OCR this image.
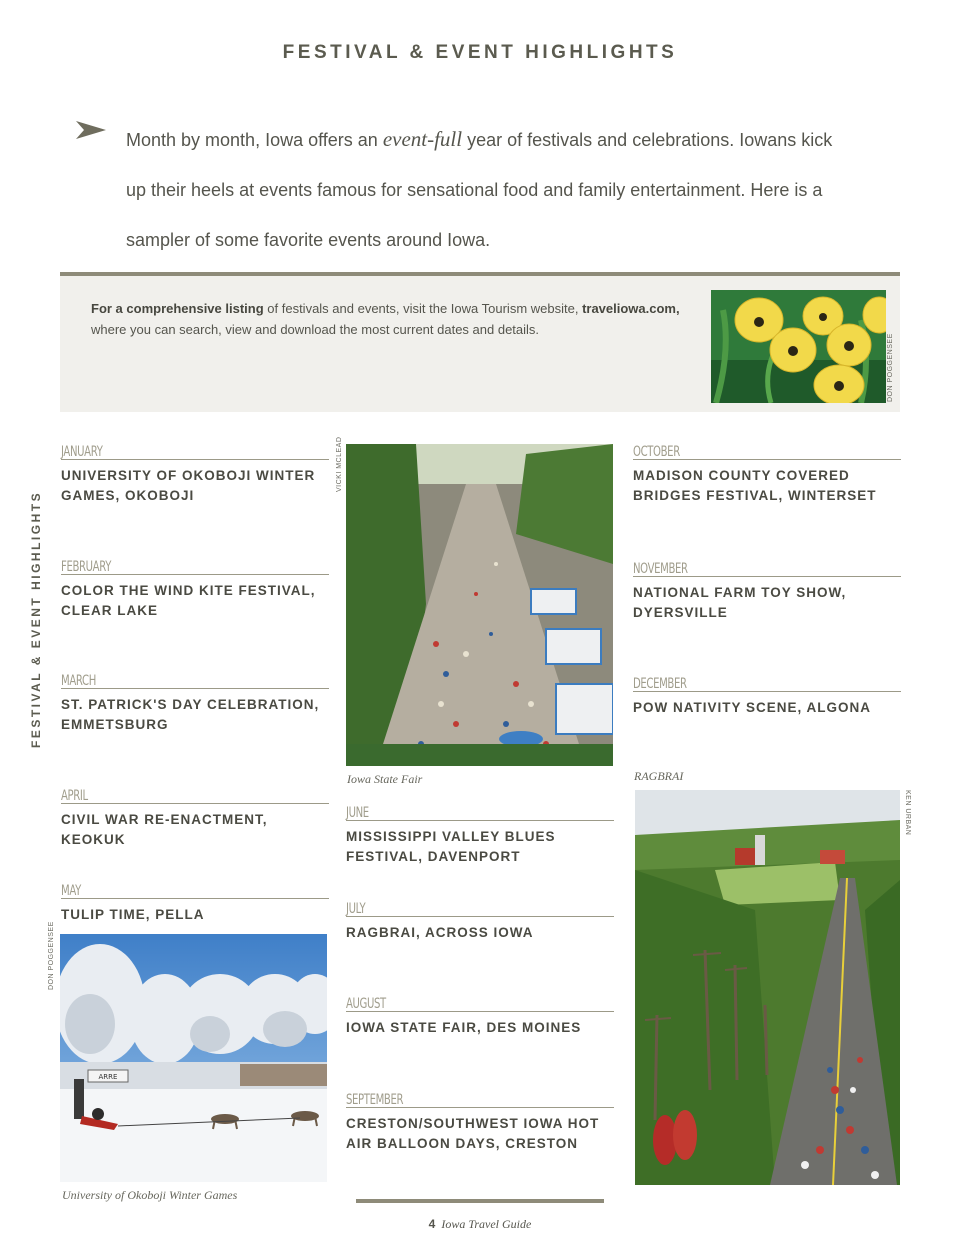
FESTIVAL & EVENT HIGHLIGHTS
Month by month, Iowa offers an event-full year of festivals and celebrations. Iowans kick up their heels at events famous for sensational food and family entertainment. Here is a sampler of some favorite events around Iowa.
For a comprehensive listing of festivals and events, visit the Iowa Tourism website, traveliowa.com, where you can search, view and download the most current dates and details.
DON POGGENSEE
FESTIVAL & EVENT HIGHLIGHTS
JANUARY
UNIVERSITY OF OKOBOJI WINTER GAMES, OKOBOJI
FEBRUARY
COLOR THE WIND KITE FESTIVAL, CLEAR LAKE
MARCH
ST. PATRICK'S DAY CELEBRATION, EMMETSBURG
APRIL
CIVIL WAR RE-ENACTMENT, KEOKUK
MAY
TULIP TIME, PELLA
ARRE
DON POGGENSEE
University of Okoboji Winter Games
VICKI MCLEAD
Iowa State Fair
JUNE
MISSISSIPPI VALLEY BLUES FESTIVAL, DAVENPORT
JULY
RAGBRAI, ACROSS IOWA
AUGUST
IOWA STATE FAIR, DES MOINES
SEPTEMBER
CRESTON/SOUTHWEST IOWA HOT AIR BALLOON DAYS, CRESTON
OCTOBER
MADISON COUNTY COVERED BRIDGES FESTIVAL, WINTERSET
NOVEMBER
NATIONAL FARM TOY SHOW, DYERSVILLE
DECEMBER
POW NATIVITY SCENE, ALGONA
RAGBRAI
KEN URBAN
4 Iowa Travel Guide
